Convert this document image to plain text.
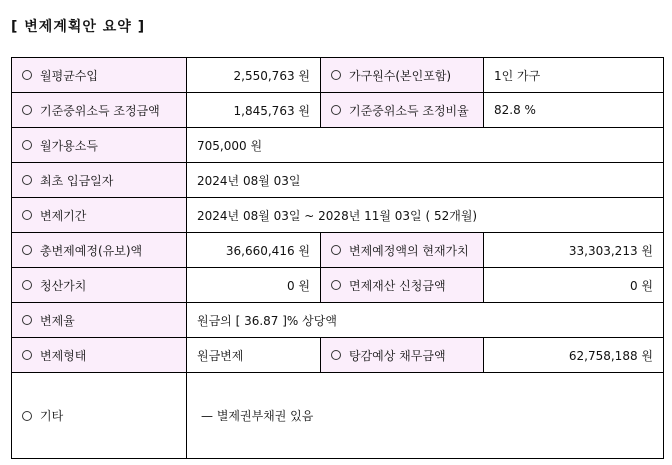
[ 변제계획안 요약 ]
월평균수입	2,550,763 원	가구원수(본인포함)	1인 가구
기준중위소득 조정금액	1,845,763 원	기준중위소득 조정비율	82.8 %
월가용소득	705,000 원		
최초 입금일자	2024년 08월 03일		
변제기간	2024년 08월 03일 ~ 2028년 11월 03일 ( 52개월)		
총변제예정(유보)액	36,660,416 원	변제예정액의 현재가치	33,303,213 원
청산가치	0 원	면제재산 신청금액	0 원
변제율	원금의 [ 36.87 ]% 상당액		
변제형태	원금변제	탕감예상 채무금액	62,758,188 원
기타	— 별제권부채권 있음		
